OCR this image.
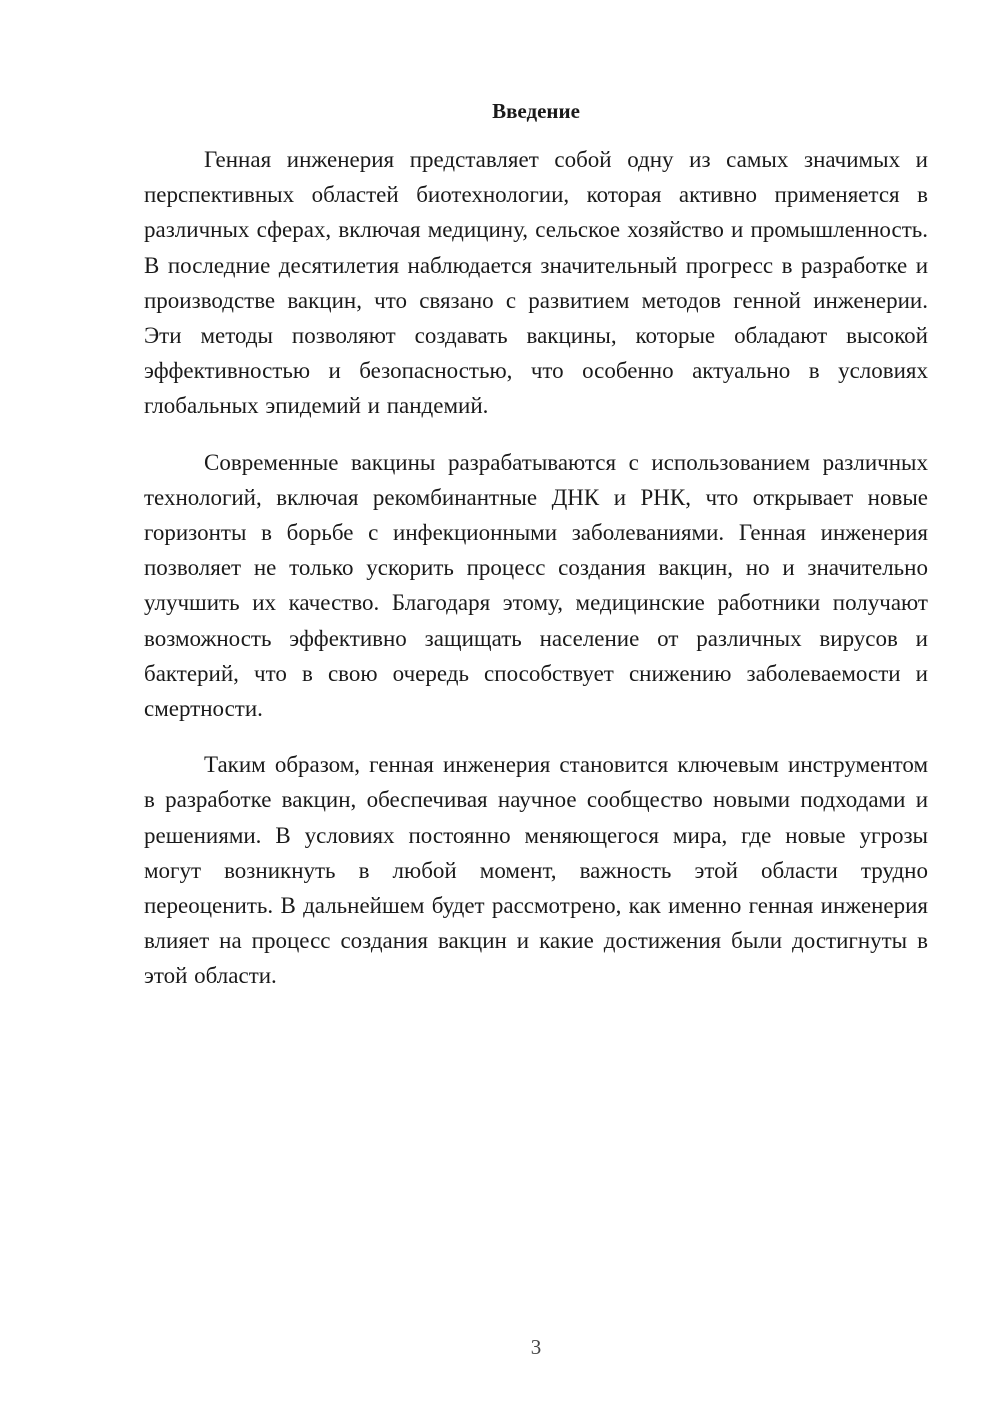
Введение

Генная инженерия представляет собой одну из самых значимых и перспективных областей биотехнологии, которая активно применяется в различных сферах, включая медицину, сельское хозяйство и промышленность. В последние десятилетия наблюдается значительный прогресс в разработке и производстве вакцин, что связано с развитием методов генной инженерии. Эти методы позволяют создавать вакцины, которые обладают высокой эффективностью и безопасностью, что особенно актуально в условиях глобальных эпидемий и пандемий.

Современные вакцины разрабатываются с использованием различных технологий, включая рекомбинантные ДНК и РНК, что открывает новые горизонты в борьбе с инфекционными заболеваниями. Генная инженерия позволяет не только ускорить процесс создания вакцин, но и значительно улучшить их качество. Благодаря этому, медицинские работники получают возможность эффективно защищать население от различных вирусов и бактерий, что в свою очередь способствует снижению заболеваемости и смертности.

Таким образом, генная инженерия становится ключевым инструментом в разработке вакцин, обеспечивая научное сообщество новыми подходами и решениями. В условиях постоянно меняющегося мира, где новые угрозы могут возникнуть в любой момент, важность этой области трудно переоценить. В дальнейшем будет рассмотрено, как именно генная инженерия влияет на процесс создания вакцин и какие достижения были достигнуты в этой области.

3
